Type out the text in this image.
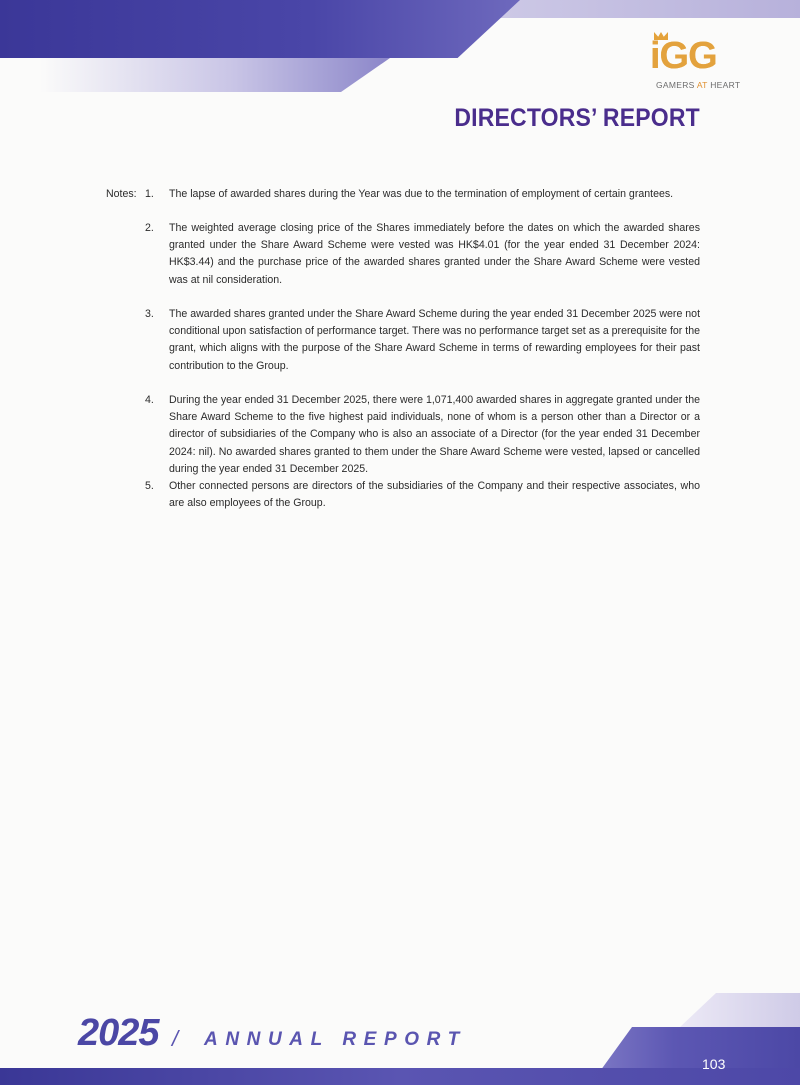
iGG
GAMERS AT HEART
DIRECTORS’ REPORT
Notes: 1. The lapse of awarded shares during the Year was due to the termination of employment of certain grantees.
2. The weighted average closing price of the Shares immediately before the dates on which the awarded shares granted under the Share Award Scheme were vested was HK$4.01 (for the year ended 31 December 2024: HK$3.44) and the purchase price of the awarded shares granted under the Share Award Scheme were vested was at nil consideration.
3. The awarded shares granted under the Share Award Scheme during the year ended 31 December 2025 were not conditional upon satisfaction of performance target. There was no performance target set as a prerequisite for the grant, which aligns with the purpose of the Share Award Scheme in terms of rewarding employees for their past contribution to the Group.
4. During the year ended 31 December 2025, there were 1,071,400 awarded shares in aggregate granted under the Share Award Scheme to the five highest paid individuals, none of whom is a person other than a Director or a director of subsidiaries of the Company who is also an associate of a Director (for the year ended 31 December 2024: nil). No awarded shares granted to them under the Share Award Scheme were vested, lapsed or cancelled during the year ended 31 December 2025.
5. Other connected persons are directors of the subsidiaries of the Company and their respective associates, who are also employees of the Group.
2025 / ANNUAL REPORT
103
